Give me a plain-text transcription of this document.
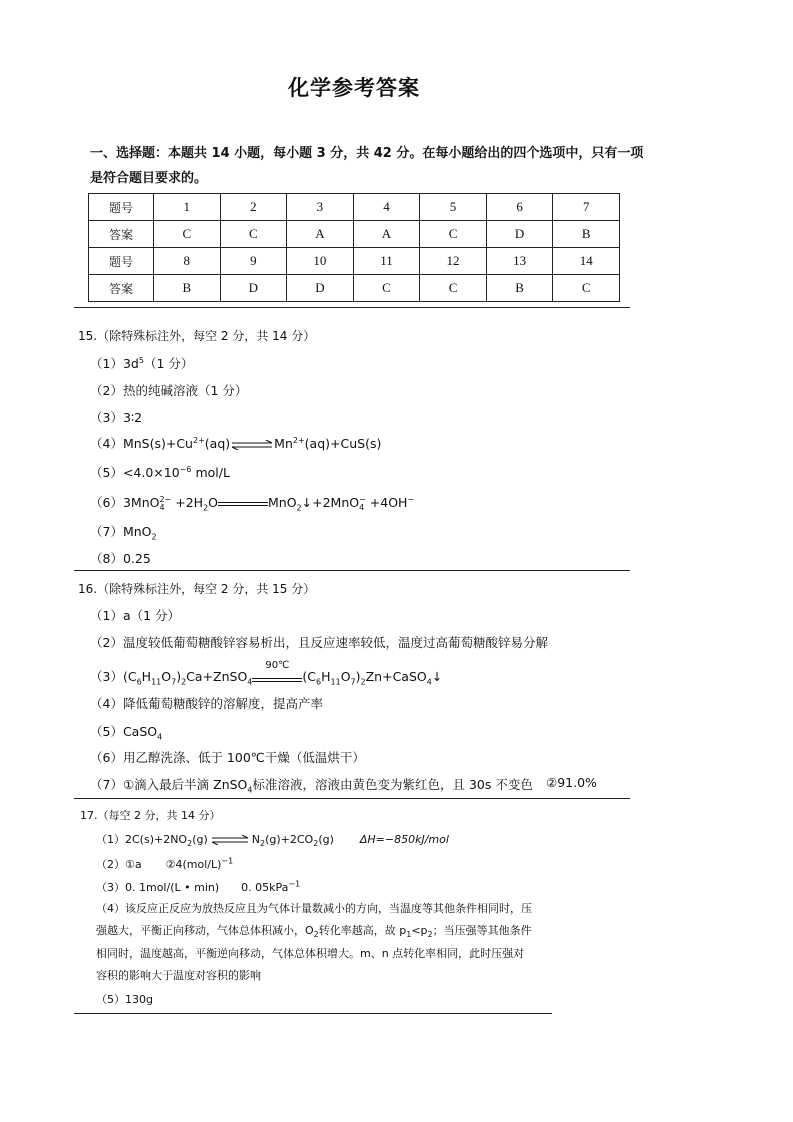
化学参考答案
一、选择题：本题共 14 小题，每小题 3 分，共 42 分。在每小题给出的四个选项中，只有一项
是符合题目要求的。
题号	1	2	3	4	5	6	7
答案	C	C	A	A	C	D	B
题号	8	9	10	11	12	13	14
答案	B	D	D	C	C	B	C
15.（除特殊标注外，每空 2 分，共 14 分）
$(1)3d^5(1$ 分）
（2）热的纯碱溶液（1 分）
（3）3∶2
$(4)MnS(s)+Cu^{2+}(aq)\rightleftharpoons Mn^{2+}(aq)+CuS(s)$
$(5)<4.0\times 10^{-6}$ mol/L
（6）3MnO 2−
$4 +2H_2O$	MnO$_2$↓+2MnO −
4 +4OH−
（7）MnO$_2$
（8）0.25
16.（除特殊标注外，每空 2 分，共 15 分）
（1）a（1 分）
（2）温度较低葡萄糖酸锌容易析出，且反应速率较低，温度过高葡萄糖酸锌易分解
$(3)(C_6H_{11}O_7)_2Ca+ZnSO_4$
90℃
$(C_6H_{11}O_7)_2Zn+CaSO_4↓$
（4）降低葡萄糖酸锌的溶解度，提高产率
（5）CaSO$_4$
（6）用乙醇洗涤、低于 100℃干燥（低温烘干）
（7）①滴入最后半滴 ZnSO$_4$标准溶液，溶液由黄色变为紫红色，且 30s 不变色 ②91.0%
17.（每空 2 分，共 14 分）
$(1)2C(s)+2NO_2(g)\rightleftharpoons N_2(g)+2CO_2(g)$ ΔH=−850kJ/mol
（2）①a $②4(mol/L)^{-1}$
（3）0. 1mol/(L • min) 0. 05kPa$^{-1}$
（4）该反应正反应为放热反应且为气体计量数减小的方向，当温度等其他条件相同时，压
强越大，平衡正向移动，气体总体积减小，$O_2$转化率越高，故 $p_1<p_2$；当压强等其他条件
相同时，温度越高，平衡逆向移动，气体总体积增大。m、n 点转化率相同，此时压强对
容积的影响大于温度对容积的影响
（5）130g
